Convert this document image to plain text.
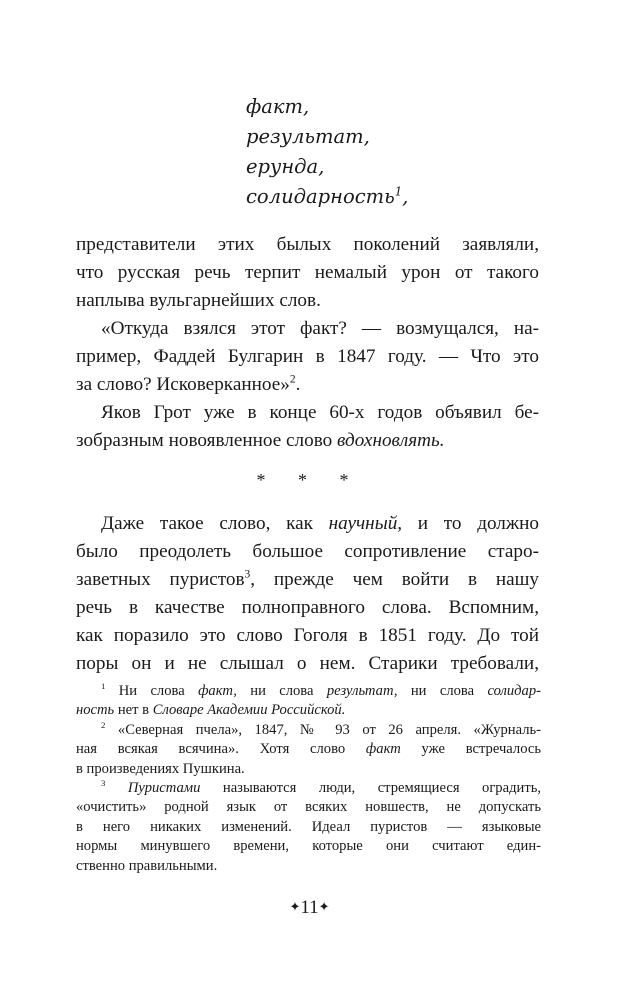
факт,
результат,
ерунда,
солидарность$^1$,
представители этих былых поколений заявляли,
что русская речь терпит немалый урон от такого
наплыва вульгарнейших слов.
«Откуда взялся этот факт? — возмущался, на-
пример, Фаддей Булгарин в 1847 году. — Что это
за слово? Исковерканное»$^2$.
Яков Грот уже в конце 60-х годов объявил бе-
зобразным новоявленное слово вдохновлять.
* * *
Даже такое слово, как научный, и то должно
было преодолеть большое сопротивление старо-
заветных пуристов$^3$, прежде чем войти в нашу
речь в качестве полноправного слова. Вспомним,
как поразило это слово Гоголя в 1851 году. До той
поры он и не слышал о нем. Старики требовали,
$^1$ Ни слова факт, ни слова результат, ни слова солидар-
ность нет в Словаре Академии Российской.
$^2$ «Северная пчела», 1847, № 93 от 26 апреля. «Журналь-
ная всякая всячина». Хотя слово факт уже встречалось
в произведениях Пушкина.
$^3$ Пуристами называются люди, стремящиеся оградить,
«очистить» родной язык от всяких новшеств, не допускать
в него никаких изменений. Идеал пуристов — языковые
нормы минувшего времени, которые они считают един-
ственно правильными.
✦11✦
